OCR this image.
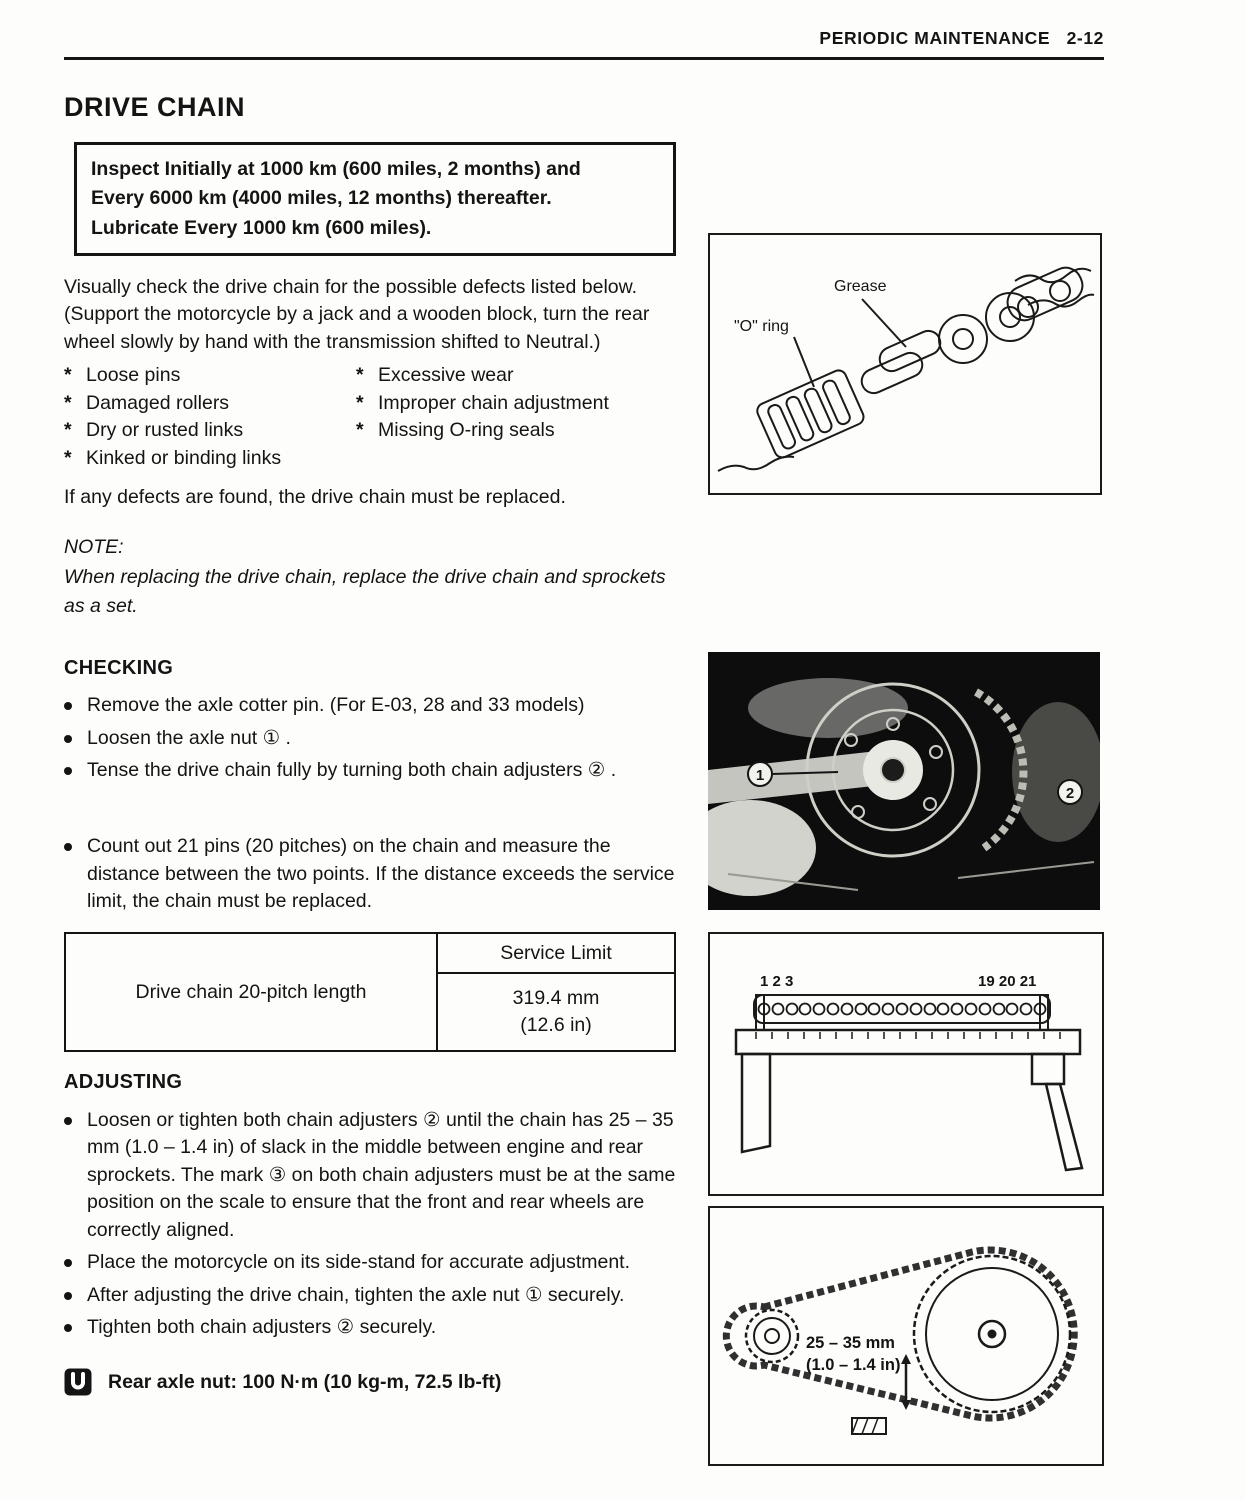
PERIODIC MAINTENANCE   2-12
DRIVE CHAIN
Inspect Initially at 1000 km (600 miles, 2 months) and
Every 6000 km (4000 miles, 12 months) thereafter.
Lubricate Every 1000 km (600 miles).

Visually check the drive chain for the possible defects listed below. (Support the motorcycle by a jack and a wooden block, turn the rear wheel slowly by hand with the transmission shifted to Neutral.)

* Loose pins
* Damaged rollers
* Dry or rusted links
* Kinked or binding links
* Excessive wear
* Improper chain adjustment
* Missing O-ring seals

If any defects are found, the drive chain must be replaced.

NOTE:

When replacing the drive chain, replace the drive chain and sprockets as a set.

CHECKING
Remove the axle cotter pin. (For E-03, 28 and 33 models)
Loosen the axle nut ① .
Tense the drive chain fully by turning both chain adjusters ② .
Count out 21 pins (20 pitches) on the chain and measure the distance between the two points. If the distance exceeds the service limit, the chain must be replaced.
Drive chain 20-pitch length	Service Limit

319.4 mm
(12.6 in)
ADJUSTING
Loosen or tighten both chain adjusters ② until the chain has 25 – 35 mm (1.0 – 1.4 in) of slack in the middle between engine and rear sprockets. The mark ③ on both chain adjusters must be at the same position on the scale to ensure that the front and rear wheels are correctly aligned.
Place the motorcycle on its side-stand for accurate adjustment.
After adjusting the drive chain, tighten the axle nut ① securely.
Tighten both chain adjusters ② securely.
Rear axle nut: 100 N·m (10 kg-m, 72.5 lb-ft)
Grease
"O" ring
1
2
1 2 3	19 20 21
25 – 35 mm
(1.0 – 1.4 in)
